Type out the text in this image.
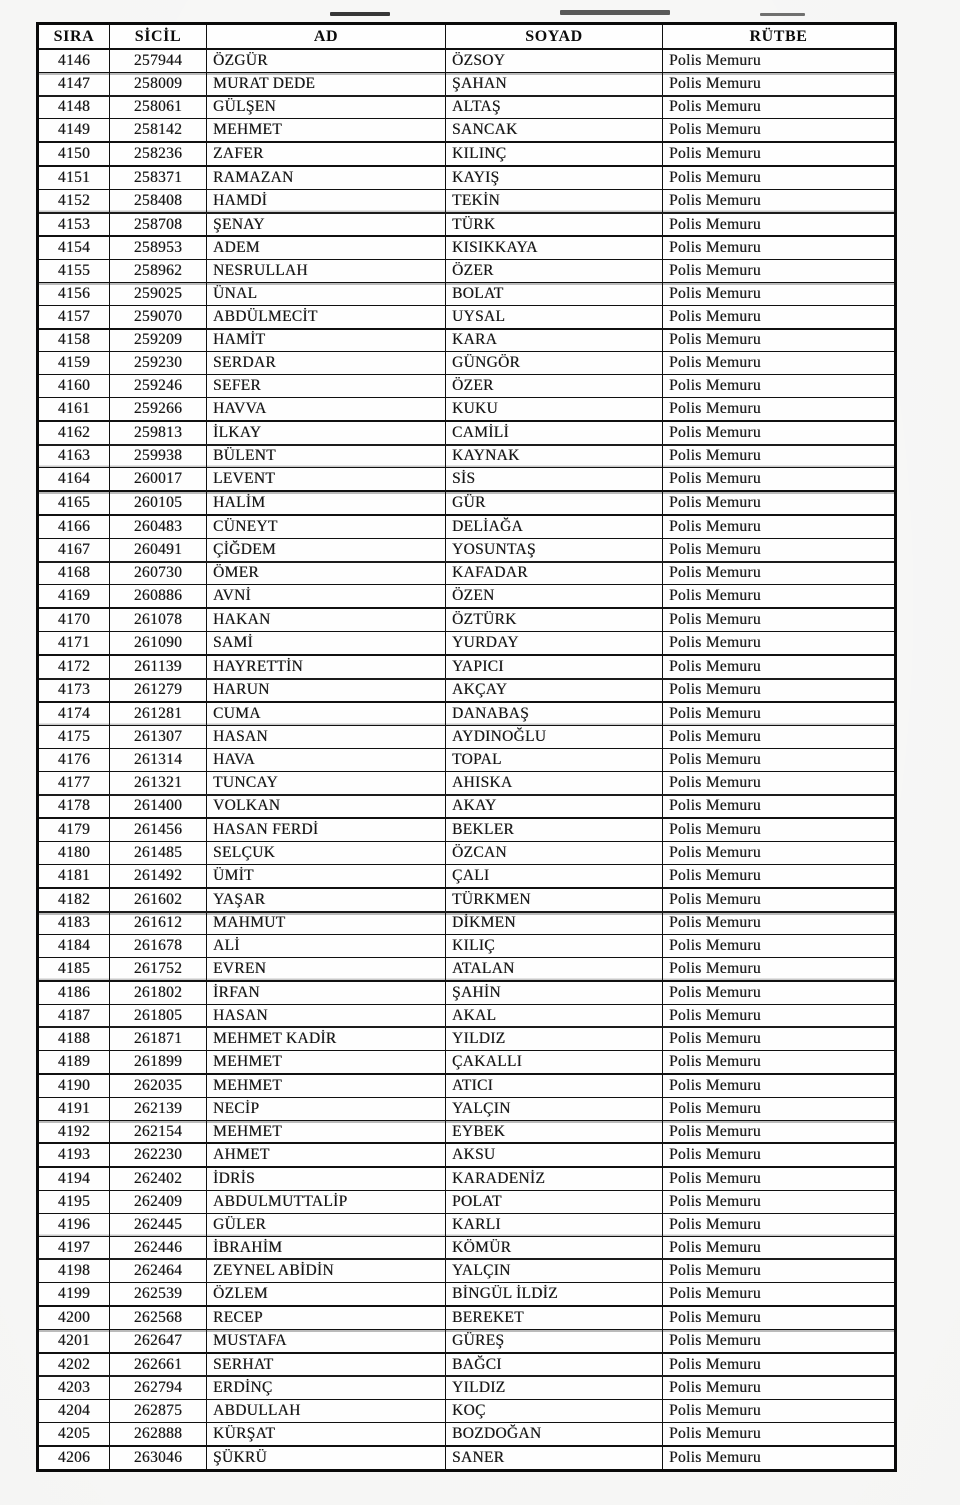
SIRA	SİCİL	AD	SOYAD	RÜTBE
4146	257944	ÖZGÜR	ÖZSOY	Polis Memuru
4147	258009	MURAT DEDE	ŞAHAN	Polis Memuru
4148	258061	GÜLŞEN	ALTAŞ	Polis Memuru
4149	258142	MEHMET	SANCAK	Polis Memuru
4150	258236	ZAFER	KILINÇ	Polis Memuru
4151	258371	RAMAZAN	KAYIŞ	Polis Memuru
4152	258408	HAMDİ	TEKİN	Polis Memuru
4153	258708	ŞENAY	TÜRK	Polis Memuru
4154	258953	ADEM	KISIKKAYA	Polis Memuru
4155	258962	NESRULLAH	ÖZER	Polis Memuru
4156	259025	ÜNAL	BOLAT	Polis Memuru
4157	259070	ABDÜLMECİT	UYSAL	Polis Memuru
4158	259209	HAMİT	KARA	Polis Memuru
4159	259230	SERDAR	GÜNGÖR	Polis Memuru
4160	259246	SEFER	ÖZER	Polis Memuru
4161	259266	HAVVA	KUKU	Polis Memuru
4162	259813	İLKAY	CAMİLİ	Polis Memuru
4163	259938	BÜLENT	KAYNAK	Polis Memuru
4164	260017	LEVENT	SİS	Polis Memuru
4165	260105	HALİM	GÜR	Polis Memuru
4166	260483	CÜNEYT	DELİAĞA	Polis Memuru
4167	260491	ÇİĞDEM	YOSUNTAŞ	Polis Memuru
4168	260730	ÖMER	KAFADAR	Polis Memuru
4169	260886	AVNİ	ÖZEN	Polis Memuru
4170	261078	HAKAN	ÖZTÜRK	Polis Memuru
4171	261090	SAMİ	YURDAY	Polis Memuru
4172	261139	HAYRETTİN	YAPICI	Polis Memuru
4173	261279	HARUN	AKÇAY	Polis Memuru
4174	261281	CUMA	DANABAŞ	Polis Memuru
4175	261307	HASAN	AYDINOĞLU	Polis Memuru
4176	261314	HAVA	TOPAL	Polis Memuru
4177	261321	TUNCAY	AHISKA	Polis Memuru
4178	261400	VOLKAN	AKAY	Polis Memuru
4179	261456	HASAN FERDİ	BEKLER	Polis Memuru
4180	261485	SELÇUK	ÖZCAN	Polis Memuru
4181	261492	ÜMİT	ÇALI	Polis Memuru
4182	261602	YAŞAR	TÜRKMEN	Polis Memuru
4183	261612	MAHMUT	DİKMEN	Polis Memuru
4184	261678	ALİ	KILIÇ	Polis Memuru
4185	261752	EVREN	ATALAN	Polis Memuru
4186	261802	İRFAN	ŞAHİN	Polis Memuru
4187	261805	HASAN	AKAL	Polis Memuru
4188	261871	MEHMET KADİR	YILDIZ	Polis Memuru
4189	261899	MEHMET	ÇAKALLI	Polis Memuru
4190	262035	MEHMET	ATICI	Polis Memuru
4191	262139	NECİP	YALÇIN	Polis Memuru
4192	262154	MEHMET	EYBEK	Polis Memuru
4193	262230	AHMET	AKSU	Polis Memuru
4194	262402	İDRİS	KARADENİZ	Polis Memuru
4195	262409	ABDULMUTTALİP	POLAT	Polis Memuru
4196	262445	GÜLER	KARLI	Polis Memuru
4197	262446	İBRAHİM	KÖMÜR	Polis Memuru
4198	262464	ZEYNEL ABİDİN	YALÇIN	Polis Memuru
4199	262539	ÖZLEM	BİNGÜL İLDİZ	Polis Memuru
4200	262568	RECEP	BEREKET	Polis Memuru
4201	262647	MUSTAFA	GÜREŞ	Polis Memuru
4202	262661	SERHAT	BAĞCI	Polis Memuru
4203	262794	ERDİNÇ	YILDIZ	Polis Memuru
4204	262875	ABDULLAH	KOÇ	Polis Memuru
4205	262888	KÜRŞAT	BOZDOĞAN	Polis Memuru
4206	263046	ŞÜKRÜ	SANER	Polis Memuru
